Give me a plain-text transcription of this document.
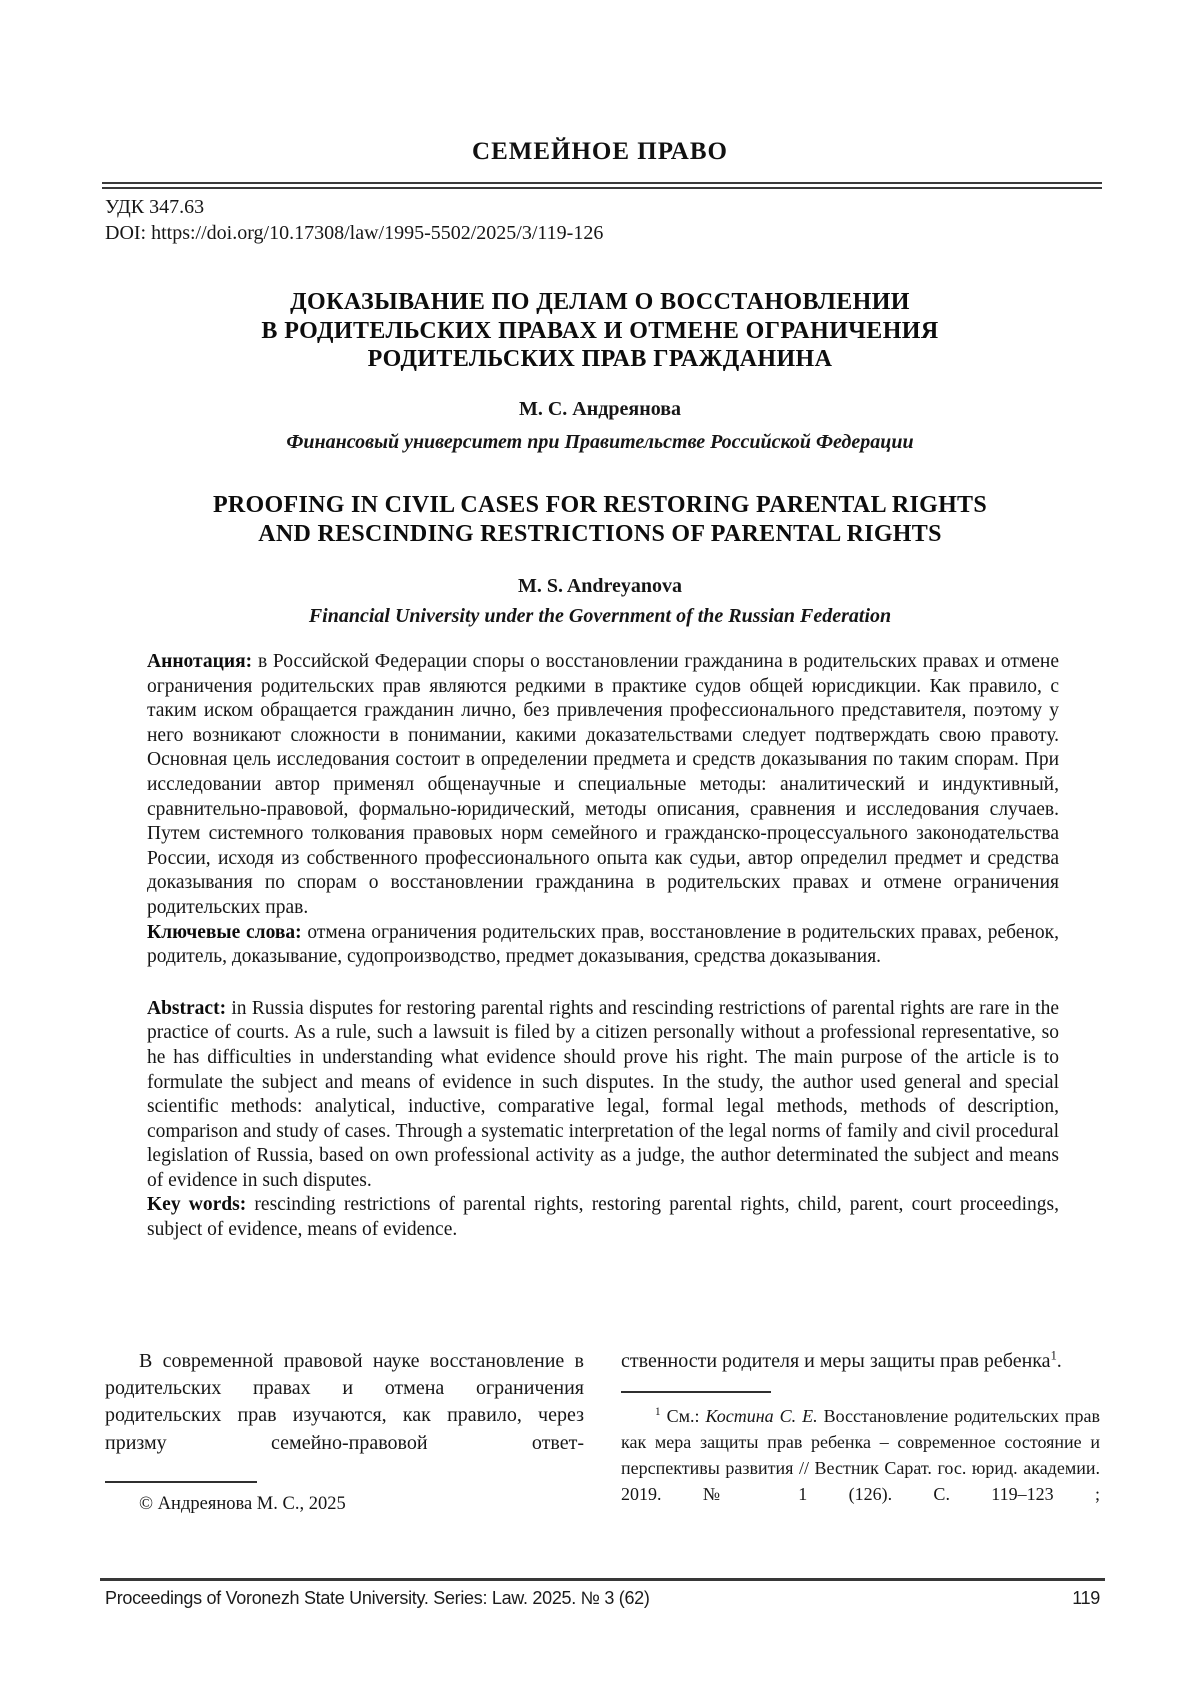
СЕМЕЙНОЕ ПРАВО
УДК 347.63
DOI: https://doi.org/10.17308/law/1995-5502/2025/3/119-126
ДОКАЗЫВАНИЕ ПО ДЕЛАМ О ВОССТАНОВЛЕНИИ
В РОДИТЕЛЬСКИХ ПРАВАХ И ОТМЕНЕ ОГРАНИЧЕНИЯ
РОДИТЕЛЬСКИХ ПРАВ ГРАЖДАНИНА
М. С. Андреянова
Финансовый университет при Правительстве Российской Федерации
PROOFING IN CIVIL CASES FOR RESTORING PARENTAL RIGHTS
AND RESCINDING RESTRICTIONS OF PARENTAL RIGHTS
M. S. Andreyanova
Financial University under the Government of the Russian Federation

Аннотация: в Российской Федерации споры о восстановлении гражданина в родительских правах и отмене ограничения родительских прав являются редкими в практике судов общей юрисдикции. Как правило, с таким иском обращается гражданин лично, без привлечения профессионального представителя, поэтому у него возникают сложности в понимании, какими доказательствами следует подтверждать свою правоту. Основная цель исследования состоит в определении предмета и средств доказывания по таким спорам. При исследовании автор применял общенаучные и специальные методы: аналитический и индуктивный, сравнительно-правовой, формально-юридический, методы описания, сравнения и исследования случаев. Путем системного толкования правовых норм семейного и гражданско-процессуального законодательства России, исходя из собственного профессионального опыта как судьи, автор определил предмет и средства доказывания по спорам о восстановлении гражданина в родительских правах и отмене ограничения родительских прав.

Ключевые слова: отмена ограничения родительских прав, восстановление в родительских правах, ребенок, родитель, доказывание, судопроизводство, предмет доказывания, средства доказывания.

Abstract: in Russia disputes for restoring parental rights and rescinding restrictions of parental rights are rare in the practice of courts. As a rule, such a lawsuit is filed by a citizen personally without a professional representative, so he has difficulties in understanding what evidence should prove his right. The main purpose of the article is to formulate the subject and means of evidence in such disputes. In the study, the author used general and special scientific methods: analytical, inductive, comparative legal, formal legal methods, methods of description, comparison and study of cases. Through a systematic interpretation of the legal norms of family and civil procedural legislation of Russia, based on own professional activity as a judge, the author determinated the subject and means of evidence in such disputes.

Key words: rescinding restrictions of parental rights, restoring parental rights, child, parent, court proceedings, subject of evidence, means of evidence.

В современной правовой науке восстановление в родительских правах и отмена ограничения родительских прав изучаются, как правило, через призму семейно-правовой ответ-

ственности родителя и меры защиты прав ребенка$^1$.

$^1$ См.: Костина С. Е. Восстановление родительских прав как мера защиты прав ребенка – современное состояние и перспективы развития // Вестник Сарат. гос. юрид. академии. 2019. № 1 (126). С. 119–123 ;

© Андреянова М. С., 2025
Proceedings of Voronezh State University. Series: Law. 2025. № 3 (62)	119
